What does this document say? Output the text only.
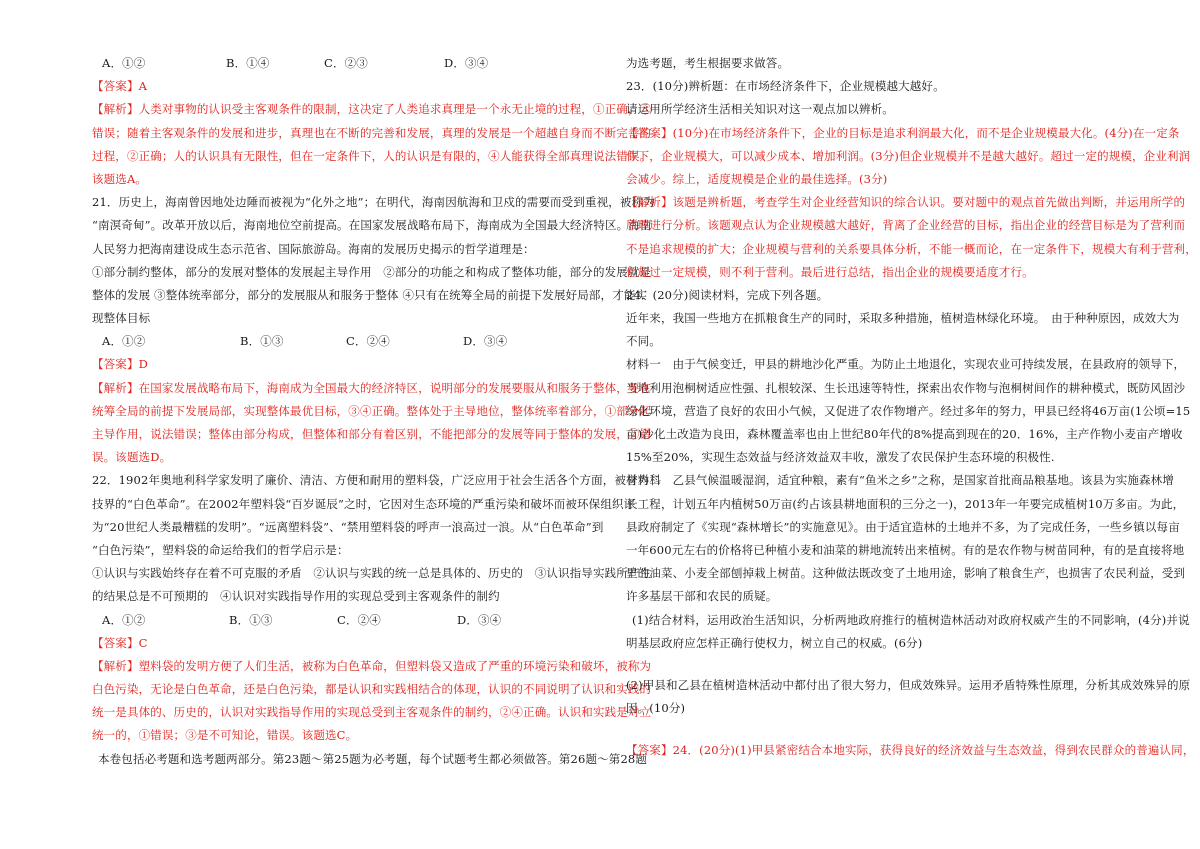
A．①②	B．①④	C．②③	D．③④
【答案】A
【解析】人类对事物的认识受主客观条件的限制，这决定了人类追求真理是一个永无止境的过程，①正确，③
错误；随着主客观条件的发展和进步，真理也在不断的完善和发展，真理的发展是一个超越自身而不断完善的
过程，②正确；人的认识具有无限性，但在一定条件下，人的认识是有限的，④人能获得全部真理说法错误。
该题选A。
21．历史上，海南曾因地处边陲而被视为“化外之地”；在明代，海南因航海和卫戍的需要而受到重视，被称为
“南溟奇甸”。改革开放以后，海南地位空前提高。在国家发展战略布局下，海南成为全国最大经济特区。海南
人民努力把海南建设成生态示范省、国际旅游岛。海南的发展历史揭示的哲学道理是：
①部分制约整体，部分的发展对整体的发展起主导作用　②部分的功能之和构成了整体功能，部分的发展就是
整体的发展 ③整体统率部分，部分的发展服从和服务于整体 ④只有在统筹全局的前提下发展好局部，才能实
现整体目标
A．①②	B．①③	C．②④	D．③④
【答案】D
【解析】在国家发展战略布局下，海南成为全国最大的经济特区，说明部分的发展要服从和服务于整体，要在
统筹全局的前提下发展局部，实现整体最优目标，③④正确。整体处于主导地位，整体统率着部分，①部分起
主导作用，说法错误；整体由部分构成，但整体和部分有着区别，不能把部分的发展等同于整体的发展，②错
误。该题选D。
22．1902年奥地利科学家发明了廉价、清洁、方便和耐用的塑料袋，广泛应用于社会生活各个方面，被誉为科
技界的“白色革命”。在2002年塑料袋“百岁诞辰”之时，它因对生态环境的严重污染和破坏而被环保组织评
为“20世纪人类最糟糕的发明”。“远离塑料袋”、“禁用塑料袋的呼声一浪高过一浪。从“白色革命”到
“白色污染”，塑料袋的命运给我们的哲学启示是：
①认识与实践始终存在着不可克服的矛盾　②认识与实践的统一总是具体的、历史的　③认识指导实践所产生
的结果总是不可预期的　④认识对实践指导作用的实现总受到主客观条件的制约
A．①②	B．①③	C．②④	D．③④
【答案】C
【解析】塑料袋的发明方便了人们生活，被称为白色革命，但塑料袋又造成了严重的环境污染和破坏，被称为
白色污染，无论是白色革命，还是白色污染，都是认识和实践相结合的体现，认识的不同说明了认识和实践的
统一是具体的、历史的，认识对实践指导作用的实现总受到主客观条件的制约，②④正确。认识和实践是对立
统一的，①错误；③是不可知论，错误。该题选C。
本卷包括必考题和选考题两部分。第23题～第25题为必考题，每个试题考生都必须做答。第26题～第28题
为选考题，考生根据要求做答。
23．(10分)辨析题：在市场经济条件下，企业规模越大越好。
请运用所学经济生活相关知识对这一观点加以辨析。
【答案】(10分)在市场经济条件下，企业的目标是追求利润最大化，而不是企业规模最大化。(4分)在一定条
件下，企业规模大，可以减少成本、增加利润。(3分)但企业规模并不是越大越好。超过一定的规模，企业利润
会减少。综上，适度规模是企业的最佳选择。(3分)
【解析】该题是辨析题，考查学生对企业经营知识的综合认识。要对题中的观点首先做出判断，并运用所学的
原理进行分析。该题观点认为企业规模越大越好，背离了企业经营的目标，指出企业的经营目标是为了营利而
不是追求规模的扩大；企业规模与营利的关系要具体分析，不能一概而论，在一定条件下，规模大有利于营利，
但超过一定规模，则不利于营利。最后进行总结，指出企业的规模要适度才行。
24．(20分)阅读材料，完成下列各题。
近年来，我国一些地方在抓粮食生产的同时，采取多种措施，植树造林绿化环境。　由于种种原因，成效大为
不同。
材料一　由于气候变迁，甲县的耕地沙化严重。为防止土地退化，实现农业可持续发展，在县政府的领导下，
当地利用泡桐树适应性强、扎根较深、生长迅速等特性，探索出农作物与泡桐树间作的耕种模式，既防风固沙
绿化环境，营造了良好的农田小气候，又促进了农作物增产。经过多年的努力，甲县已经将46万亩(1公顷=15
亩)沙化土改造为良田，森林覆盖率也由上世纪80年代的8%提高到现在的20．16%，主产作物小麦亩产增收
15%至20%，实现生态效益与经济效益双丰收，激发了农民保护生态环境的积极性.
材料二　乙县气候温暖湿润，适宜种粮，素有“鱼米之乡”之称，是国家首批商品粮基地。该县为实施森林增
长工程，计划五年内植树50万亩(约占该县耕地面积的三分之一)，2013年一年要完成植树10万多亩。为此，
县政府制定了《实现“森林增长”的实施意见》。由于适宜造林的土地并不多，为了完成任务，一些乡镇以每亩
一年600元左右的价格将已种植小麦和油菜的耕地流转出来植树。有的是农作物与树苗同种，有的是直接将地
里的油菜、小麦全部刨掉栽上树苗。这种做法既改变了土地用途，影响了粮食生产，也损害了农民利益，受到
许多基层干部和农民的质疑。
(1)结合材料，运用政治生活知识，分析两地政府推行的植树造林活动对政府权威产生的不同影响，(4分)并说
明基层政府应怎样正确行使权力，树立自己的权威。(6分)
(2)甲县和乙县在植树造林活动中都付出了很大努力，但成效殊异。运用矛盾特殊性原理，分析其成效殊异的原
因。(10分)
【答案】24．(20分)(1)甲县紧密结合本地实际，获得良好的经济效益与生态效益，得到农民群众的普遍认同，
